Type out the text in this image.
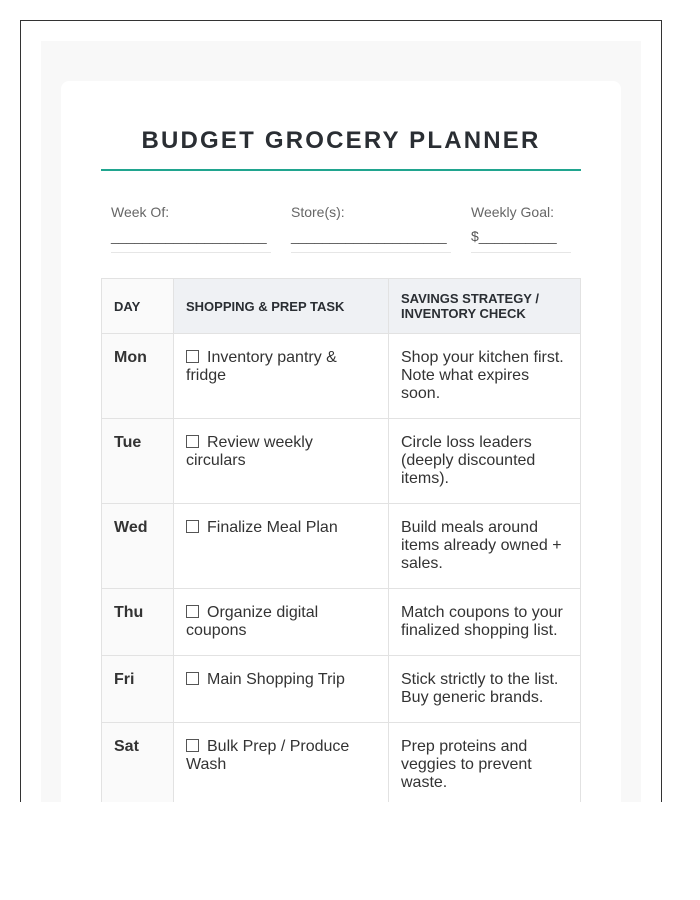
BUDGET GROCERY PLANNER
Week Of:
____________________
Store(s):
____________________
Weekly Goal:
$__________
DAY	SHOPPING & PREP TASK	SAVINGS STRATEGY / INVENTORY CHECK
Mon	Inventory pantry & fridge	Shop your kitchen first. Note what expires soon.
Tue	Review weekly circulars	Circle loss leaders (deeply discounted items).
Wed	Finalize Meal Plan	Build meals around items already owned + sales.
Thu	Organize digital coupons	Match coupons to your finalized shopping list.
Fri	Main Shopping Trip	Stick strictly to the list. Buy generic brands.
Sat	Bulk Prep / Produce Wash	Prep proteins and veggies to prevent waste.
